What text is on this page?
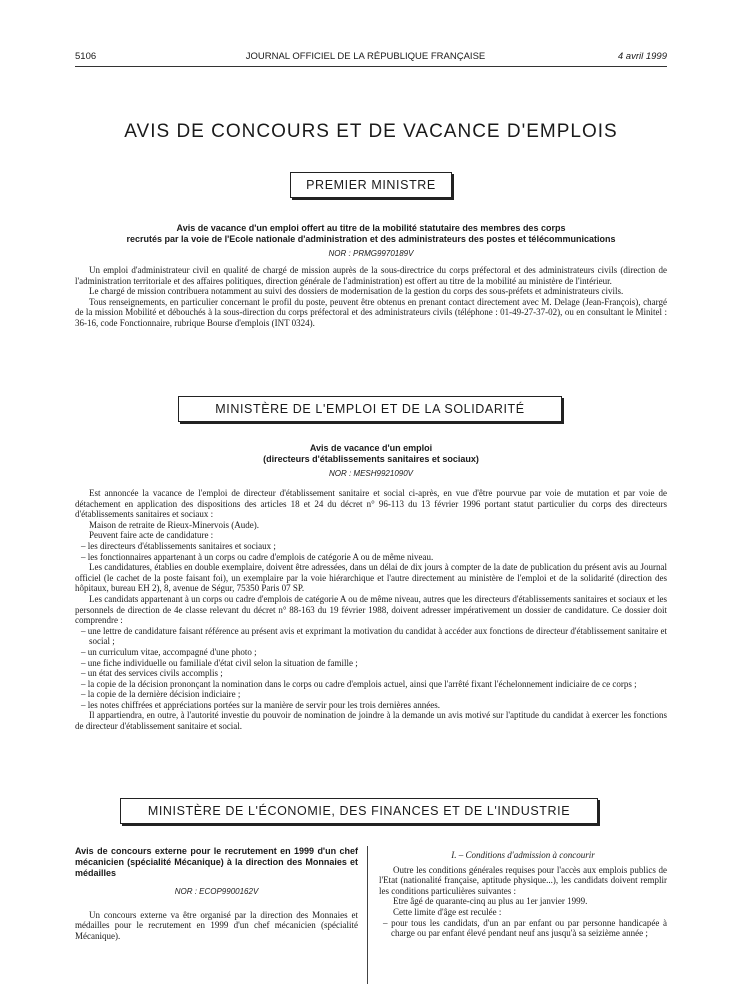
5106	JOURNAL OFFICIEL DE LA RÉPUBLIQUE FRANÇAISE	4 avril 1999
AVIS DE CONCOURS ET DE VACANCE D'EMPLOIS
PREMIER MINISTRE
Avis de vacance d'un emploi offert au titre de la mobilité statutaire des membres des corps
recrutés par la voie de l'Ecole nationale d'administration et des administrateurs des postes et télécommunications
NOR : PRMG9970189V

Un emploi d'administrateur civil en qualité de chargé de mission auprès de la sous-directrice du corps préfectoral et des administrateurs civils (direction de l'administration territoriale et des affaires politiques, direction générale de l'administration) est offert au titre de la mobilité au ministère de l'intérieur.

Le chargé de mission contribuera notamment au suivi des dossiers de modernisation de la gestion du corps des sous-préfets et administrateurs civils.

Tous renseignements, en particulier concernant le profil du poste, peuvent être obtenus en prenant contact directement avec M. Delage (Jean-François), chargé de la mission Mobilité et débouchés à la sous-direction du corps préfectoral et des administrateurs civils (téléphone : 01-49-27-37-02), ou en consultant le Minitel : 36-16, code Fonctionnaire, rubrique Bourse d'emplois (INT 0324).

MINISTÈRE DE L'EMPLOI ET DE LA SOLIDARITÉ
Avis de vacance d'un emploi
(directeurs d'établissements sanitaires et sociaux)
NOR : MESH9921090V

Est annoncée la vacance de l'emploi de directeur d'établissement sanitaire et social ci-après, en vue d'être pourvue par voie de mutation et par voie de détachement en application des dispositions des articles 18 et 24 du décret n° 96-113 du 13 février 1996 portant statut particulier du corps des directeurs d'établissements sanitaires et sociaux :

Maison de retraite de Rieux-Minervois (Aude).

Peuvent faire acte de candidature :

– les directeurs d'établissements sanitaires et sociaux ;

– les fonctionnaires appartenant à un corps ou cadre d'emplois de catégorie A ou de même niveau.

Les candidatures, établies en double exemplaire, doivent être adressées, dans un délai de dix jours à compter de la date de publication du présent avis au Journal officiel (le cachet de la poste faisant foi), un exemplaire par la voie hiérarchique et l'autre directement au ministère de l'emploi et de la solidarité (direction des hôpitaux, bureau EH 2), 8, avenue de Ségur, 75350 Paris 07 SP.

Les candidats appartenant à un corps ou cadre d'emplois de catégorie A ou de même niveau, autres que les directeurs d'établissements sanitaires et sociaux et les personnels de direction de 4e classe relevant du décret n° 88-163 du 19 février 1988, doivent adresser impérativement un dossier de candidature. Ce dossier doit comprendre :

– une lettre de candidature faisant référence au présent avis et exprimant la motivation du candidat à accéder aux fonctions de directeur d'établissement sanitaire et social ;

– un curriculum vitae, accompagné d'une photo ;

– une fiche individuelle ou familiale d'état civil selon la situation de famille ;

– un état des services civils accomplis ;

– la copie de la décision prononçant la nomination dans le corps ou cadre d'emplois actuel, ainsi que l'arrêté fixant l'échelonnement indiciaire de ce corps ;

– la copie de la dernière décision indiciaire ;

– les notes chiffrées et appréciations portées sur la manière de servir pour les trois dernières années.

Il appartiendra, en outre, à l'autorité investie du pouvoir de nomination de joindre à la demande un avis motivé sur l'aptitude du candidat à exercer les fonctions de directeur d'établissement sanitaire et social.

MINISTÈRE DE L'ÉCONOMIE, DES FINANCES ET DE L'INDUSTRIE
Avis de concours externe pour le recrutement en 1999 d'un chef mécanicien (spécialité Mécanique) à la direction des Monnaies et médailles
NOR : ECOP9900162V

Un concours externe va être organisé par la direction des Monnaies et médailles pour le recrutement en 1999 d'un chef mécanicien (spécialité Mécanique).

I. – Conditions d'admission à concourir

Outre les conditions générales requises pour l'accès aux emplois publics de l'Etat (nationalité française, aptitude physique...), les candidats doivent remplir les conditions particulières suivantes :

Etre âgé de quarante-cinq au plus au 1er janvier 1999.

Cette limite d'âge est reculée :

– pour tous les candidats, d'un an par enfant ou par personne handicapée à charge ou par enfant élevé pendant neuf ans jusqu'à sa seizième année ;
